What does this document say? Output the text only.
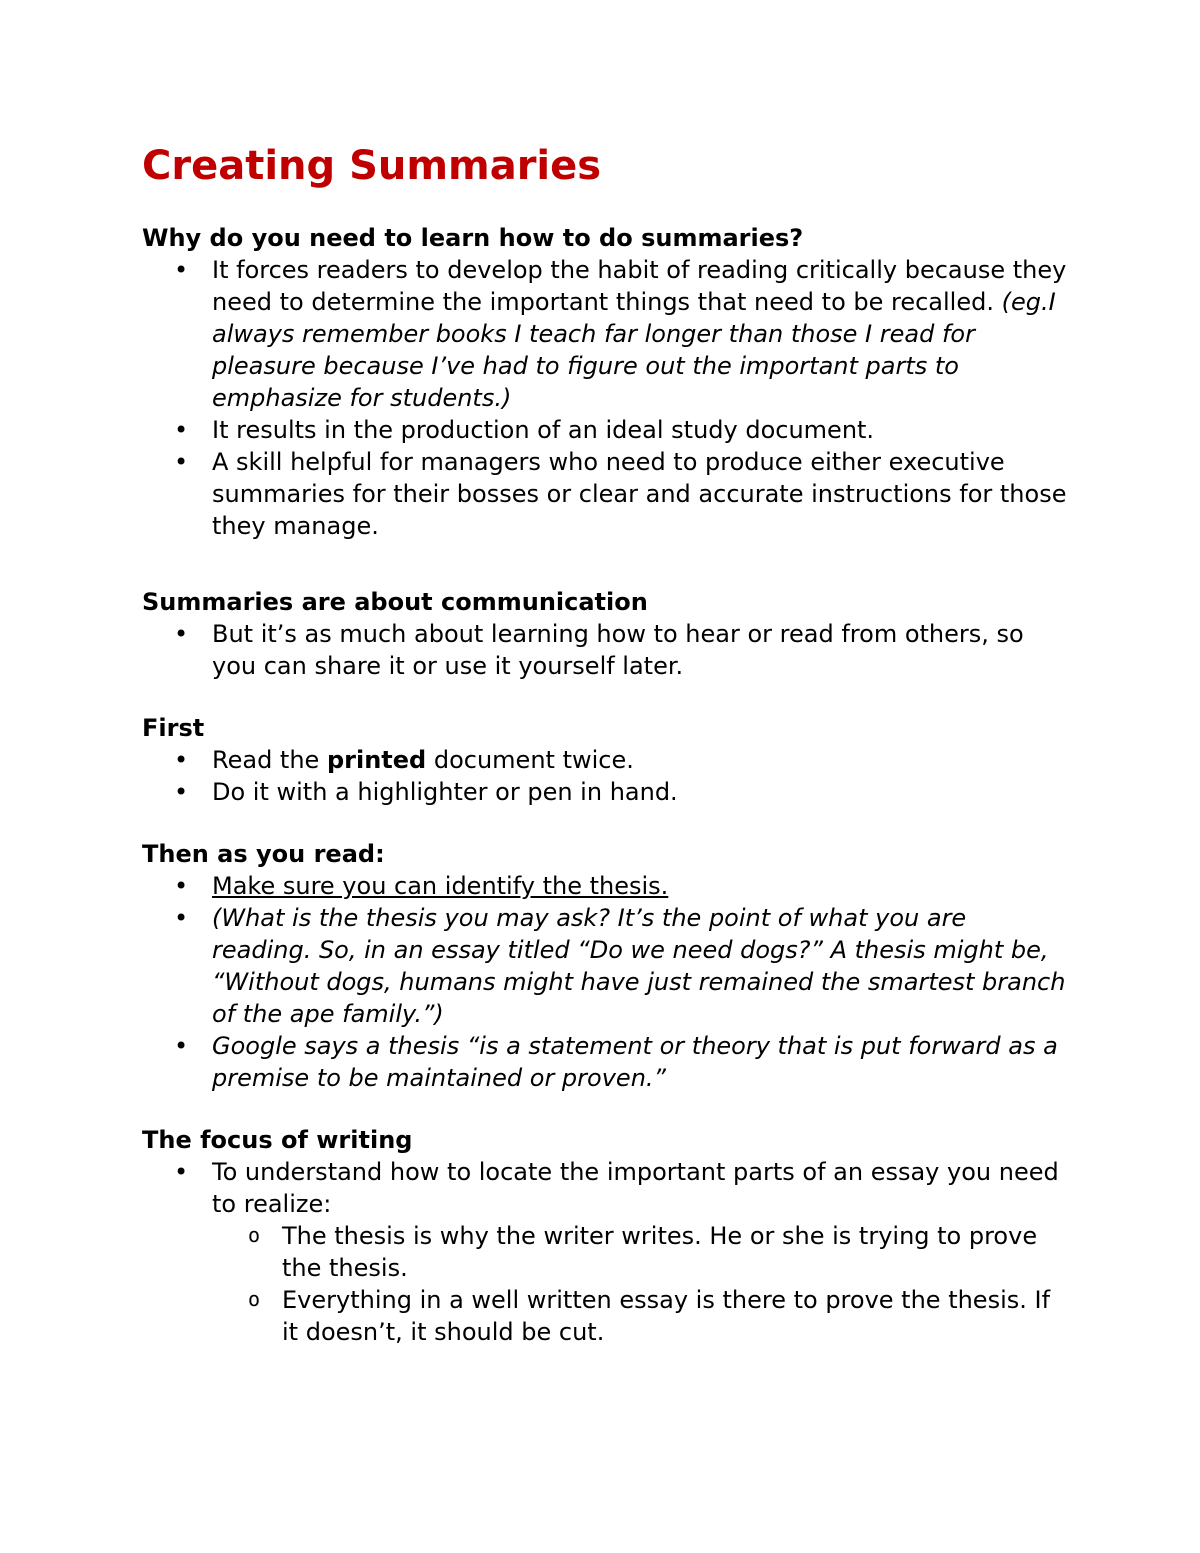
Creating Summaries

Why do you need to learn how to do summaries?

• It forces readers to develop the habit of reading critically because they need to determine the important things that need to be recalled. (eg.I always remember books I teach far longer than those I read for pleasure because I’ve had to figure out the important parts to emphasize for students.)
• It results in the production of an ideal study document.
• A skill helpful for managers who need to produce either executive summaries for their bosses or clear and accurate instructions for those they manage.

Summaries are about communication

• But it’s as much about learning how to hear or read from others, so you can share it or use it yourself later.

First

• Read the printed document twice.
• Do it with a highlighter or pen in hand.

Then as you read:

• Make sure you can identify the thesis.
• (What is the thesis you may ask? It’s the point of what you are reading. So, in an essay titled “Do we need dogs?” A thesis might be, “Without dogs, humans might have just remained the smartest branch of the ape family.”)
• Google says a thesis “is a statement or theory that is put forward as a premise to be maintained or proven.”

The focus of writing

• To understand how to locate the important parts of an essay you need to realize:
o The thesis is why the writer writes. He or she is trying to prove the thesis.
o Everything in a well written essay is there to prove the thesis. If it doesn’t, it should be cut.
